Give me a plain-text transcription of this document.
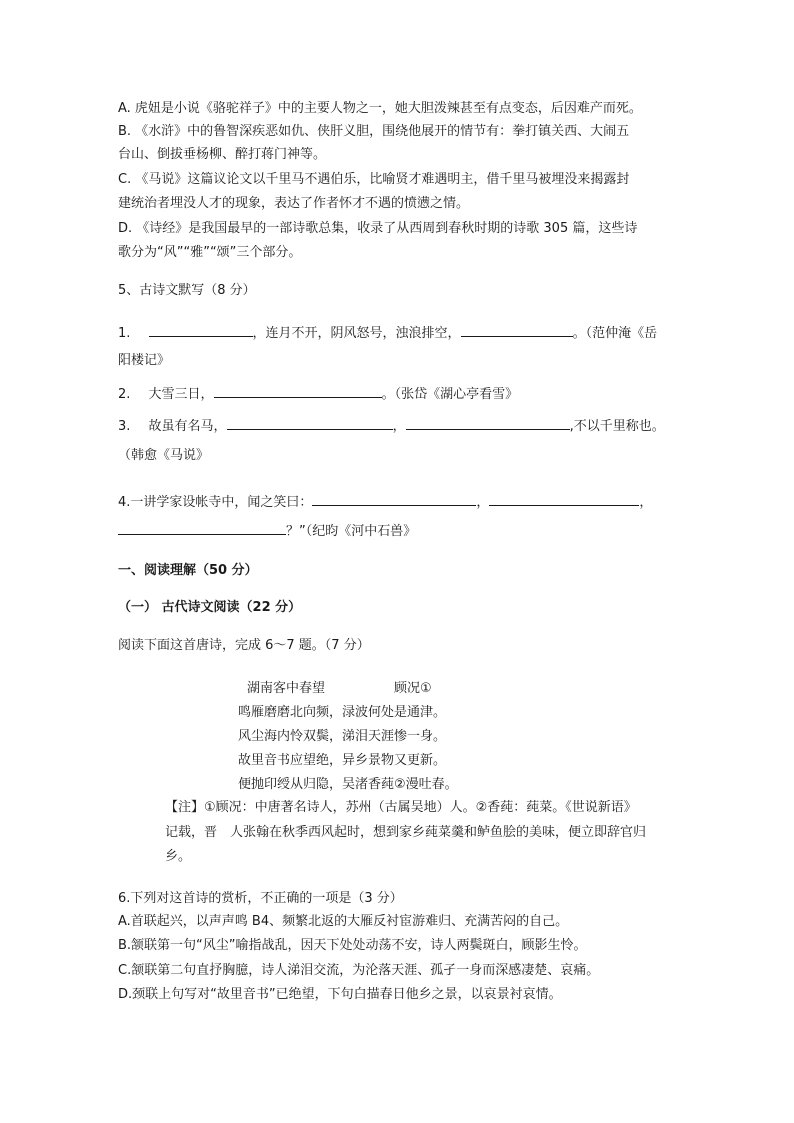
A. 虎妞是小说《骆驼祥子》中的主要人物之一，她大胆泼辣甚至有点变态，后因难产而死。
B. 《水浒》中的鲁智深疾恶如仇、侠肝义胆，围绕他展开的情节有：拳打镇关西、大闹五
台山、倒拔垂杨柳、醉打蒋门神等。
C. 《马说》这篇议论文以千里马不遇伯乐，比喻贤才难遇明主，借千里马被埋没来揭露封
建统治者埋没人才的现象，表达了作者怀才不遇的愤懑之情。
D. 《诗经》是我国最早的一部诗歌总集，收录了从西周到春秋时期的诗歌 305 篇，这些诗
歌分为“风”“雅”“颂”三个部分。
5、古诗文默写（8 分）
1.	，连月不开，阴风怒号，浊浪排空，	。（范仲淹《岳
阳楼记》
2. 大雪三日，	。（张岱《湖心亭看雪》
3. 故虽有名马，	，	,不以千里称也。
（韩愈《马说》
4.一讲学家设帐寺中，闻之笑曰：	，	，
？”（纪昀《河中石兽》
一、阅读理解（50 分）
（一） 古代诗文阅读（22 分）
阅读下面这首唐诗，完成 6～7 题。（7 分）
湖南客中春望	顾况①
鸣雁磨磨北向频，渌波何处是通津。
风尘海内怜双鬓，涕泪天涯惨一身。
故里音书应望绝，异乡景物又更新。
便抛印绶从归隐，吴渚香莼②漫吐春。
【注】①顾况：中唐著名诗人，苏州（古属吴地）人。②香莼：莼菜。《世说新语》
记载，晋　人张翰在秋季西风起时，想到家乡莼菜羹和鲈鱼脍的美味，便立即辞官归
乡。
6.下列对这首诗的赏析，不正确的一项是（3 分）
A.首联起兴，以声声鸣 B4、频繁北返的大雁反衬宦游难归、充满苦闷的自己。
B.颔联第一句“风尘”喻指战乱，因天下处处动荡不安，诗人两鬓斑白，顾影生怜。
C.颔联第二句直抒胸臆，诗人涕泪交流，为沦落天涯、孤孑一身而深感凄楚、哀痛。
D.颈联上句写对“故里音书”已绝望，下句白描春日他乡之景，以哀景衬哀情。
